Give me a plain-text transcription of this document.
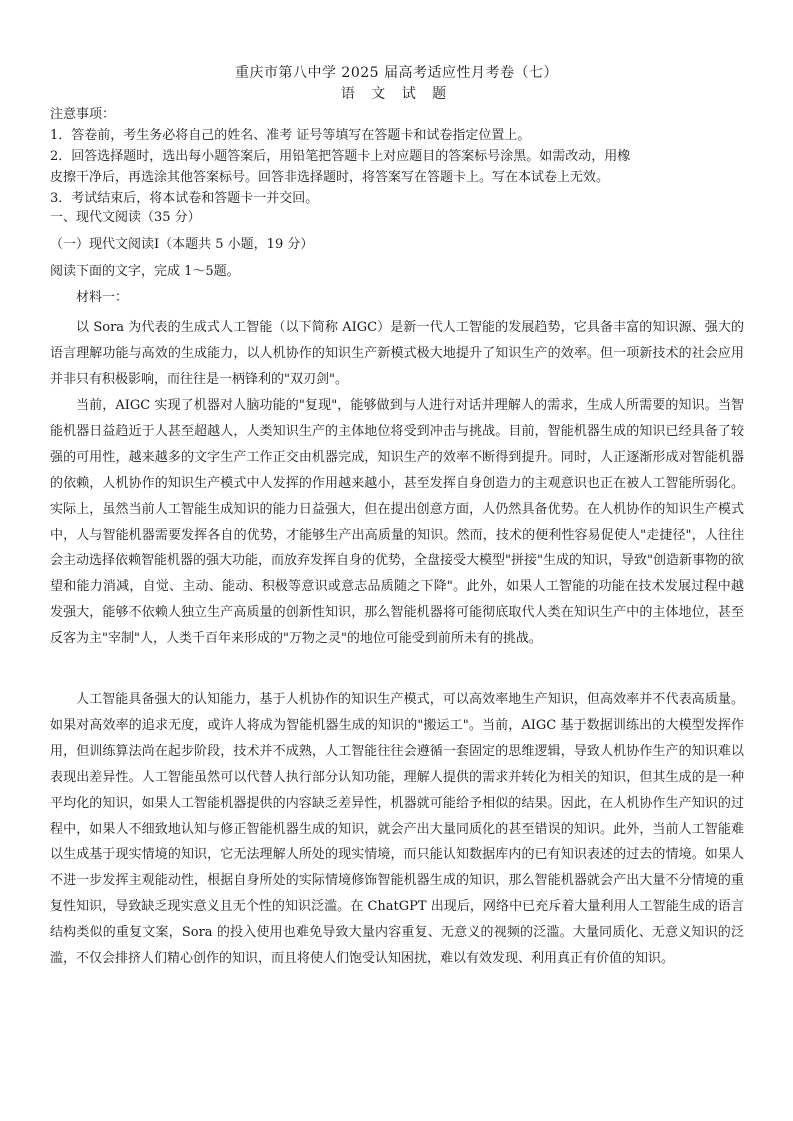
重庆市第八中学 2025 届高考适应性月考卷（七）
语 文 试 题
注意事项：
1．答卷前，考生务必将自己的姓名、准考 证号等填写在答题卡和试卷指定位置上。
2．回答选择题时，选出每小题答案后，用铅笔把答题卡上对应题目的答案标号涂黑。如需改动，用橡
皮擦干净后，再选涂其他答案标号。回答非选择题时，将答案写在答题卡上。写在本试卷上无效。
3．考试结束后，将本试卷和答题卡一并交回。
一、现代文阅读（35 分）
（一）现代文阅读Ⅰ（本题共 5 小题，19 分）
阅读下面的文字，完成 1～5题。
材料一：

以 Sora 为代表的生成式人工智能（以下简称 AIGC）是新一代人工智能的发展趋势，它具备丰富的知识源、强大的语言理解功能与高效的生成能力，以人机协作的知识生产新模式极大地提升了知识生产的效率。但一项新技术的社会应用并非只有积极影响，而往往是一柄锋利的"双刃剑"。

当前，AIGC 实现了机器对人脑功能的"复现"，能够做到与人进行对话并理解人的需求，生成人所需要的知识。当智能机器日益趋近于人甚至超越人，人类知识生产的主体地位将受到冲击与挑战。目前，智能机器生成的知识已经具备了较强的可用性，越来越多的文字生产工作正交由机器完成，知识生产的效率不断得到提升。同时，人正逐渐形成对智能机器的依赖，人机协作的知识生产模式中人发挥的作用越来越小，甚至发挥自身创造力的主观意识也正在被人工智能所弱化。实际上，虽然当前人工智能生成知识的能力日益强大，但在提出创意方面，人仍然具备优势。在人机协作的知识生产模式中，人与智能机器需要发挥各自的优势，才能够生产出高质量的知识。然而，技术的便利性容易促使人"走捷径"，人往往会主动选择依赖智能机器的强大功能，而放弃发挥自身的优势，全盘接受大模型"拼接"生成的知识，导致"创造新事物的欲望和能力消减，自觉、主动、能动、积极等意识或意志品质随之下降"。此外，如果人工智能的功能在技术发展过程中越发强大，能够不依赖人独立生产高质量的创新性知识，那么智能机器将可能彻底取代人类在知识生产中的主体地位，甚至反客为主"宰制"人，人类千百年来形成的"万物之灵"的地位可能受到前所未有的挑战。

人工智能具备强大的认知能力，基于人机协作的知识生产模式，可以高效率地生产知识，但高效率并不代表高质量。如果对高效率的追求无度，或许人将成为智能机器生成的知识的"搬运工"。当前，AIGC 基于数据训练出的大模型发挥作用，但训练算法尚在起步阶段，技术并不成熟，人工智能往往会遵循一套固定的思维逻辑，导致人机协作生产的知识难以表现出差异性。人工智能虽然可以代替人执行部分认知功能，理解人提供的需求并转化为相关的知识，但其生成的是一种平均化的知识，如果人工智能机器提供的内容缺乏差异性，机器就可能给予相似的结果。因此，在人机协作生产知识的过程中，如果人不细致地认知与修正智能机器生成的知识，就会产出大量同质化的甚至错误的知识。此外，当前人工智能难以生成基于现实情境的知识，它无法理解人所处的现实情境，而只能认知数据库内的已有知识表述的过去的情境。如果人不进一步发挥主观能动性，根据自身所处的实际情境修饰智能机器生成的知识，那么智能机器就会产出大量不分情境的重复性知识，导致缺乏现实意义且无个性的知识泛滥。在 ChatGPT 出现后，网络中已充斥着大量利用人工智能生成的语言结构类似的重复文案，Sora 的投入使用也难免导致大量内容重复、无意义的视频的泛滥。大量同质化、无意义知识的泛滥，不仅会排挤人们精心创作的知识，而且将使人们饱受认知困扰，难以有效发现、利用真正有价值的知识。
